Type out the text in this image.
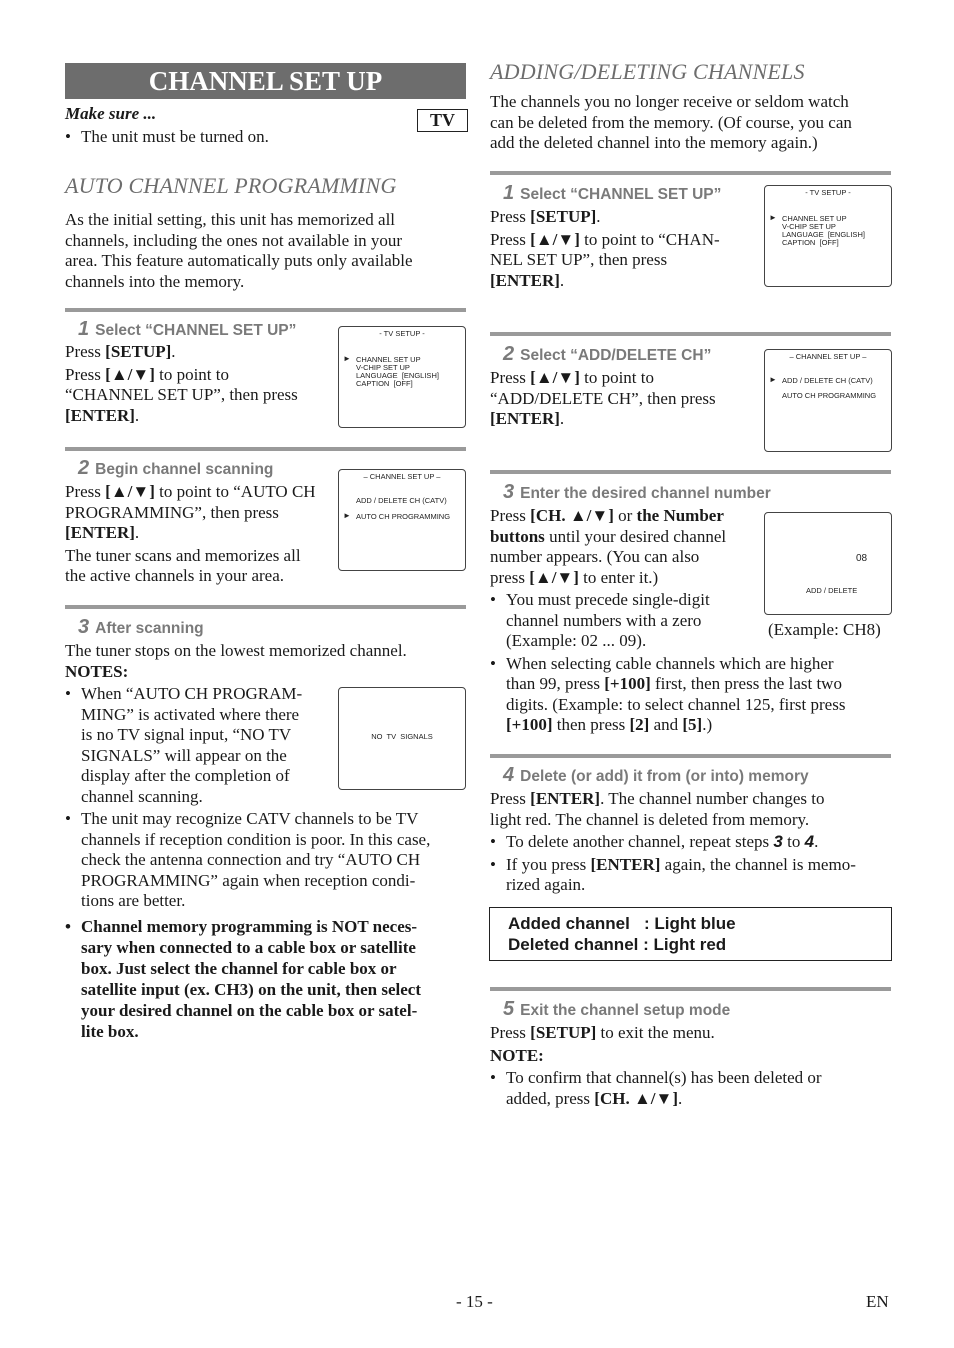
CHANNEL SET UP
Make sure ...	TV
• The unit must be turned on.
AUTO CHANNEL PROGRAMMING
As the initial setting, this unit has memorized all
channels, including the ones not available in your
area. This feature automatically puts only available
channels into the memory.
1 Select “CHANNEL SET UP”
Press [SETUP].
Press [▲/▼] to point to
“CHANNEL SET UP”, then press
[ENTER].
- TV SETUP -
► CHANNEL SET UP
V-CHIP SET UP
LANGUAGE  [ENGLISH]
CAPTION  [OFF]
2 Begin channel scanning
Press [▲/▼] to point to “AUTO CH
PROGRAMMING”, then press
[ENTER].
The tuner scans and memorizes all
the active channels in your area.
– CHANNEL SET UP –
ADD / DELETE CH (CATV)
► AUTO CH PROGRAMMING
3 After scanning
The tuner stops on the lowest memorized channel.
NOTES:
• When “AUTO CH PROGRAM-
MING” is activated where there
is no TV signal input, “NO TV
SIGNALS” will appear on the
display after the completion of
channel scanning.
• The unit may recognize CATV channels to be TV
channels if reception condition is poor. In this case,
check the antenna connection and try “AUTO CH
PROGRAMMING” again when reception condi-
tions are better.
• Channel memory programming is NOT neces-
sary when connected to a cable box or satellite
box. Just select the channel for cable box or
satellite input (ex. CH3) on the unit, then select
your desired channel on the cable box or satel-
lite box.
NO  TV  SIGNALS
ADDING/DELETING CHANNELS
The channels you no longer receive or seldom watch
can be deleted from the memory. (Of course, you can
add the deleted channel into the memory again.)
1 Select “CHANNEL SET UP”
Press [SETUP].
Press [▲/▼] to point to “CHAN-
NEL SET UP”, then press
[ENTER].
- TV SETUP -
► CHANNEL SET UP
V-CHIP SET UP
LANGUAGE  [ENGLISH]
CAPTION  [OFF]
2 Select “ADD/DELETE CH”
Press [▲/▼] to point to
“ADD/DELETE CH”, then press
[ENTER].
– CHANNEL SET UP –
► ADD / DELETE CH (CATV)
AUTO CH PROGRAMMING
3 Enter the desired channel number
Press [CH. ▲/▼] or the Number
buttons until your desired channel
number appears. (You can also
press [▲/▼] to enter it.)
• You must precede single-digit
channel numbers with a zero
(Example: 02 ... 09).
• When selecting cable channels which are higher
than 99, press [+100] first, then press the last two
digits. (Example: to select channel 125, first press
[+100] then press [2] and [5].)
08
ADD / DELETE
(Example: CH8)
4 Delete (or add) it from (or into) memory
Press [ENTER]. The channel number changes to
light red. The channel is deleted from memory.
• To delete another channel, repeat steps 3 to 4.
• If you press [ENTER] again, the channel is memo-
rized again.
Added channel   : Light blue
Deleted channel : Light red
5 Exit the channel setup mode
Press [SETUP] to exit the menu.
NOTE:
• To confirm that channel(s) has been deleted or
added, press [CH. ▲/▼].
- 15 -	EN
